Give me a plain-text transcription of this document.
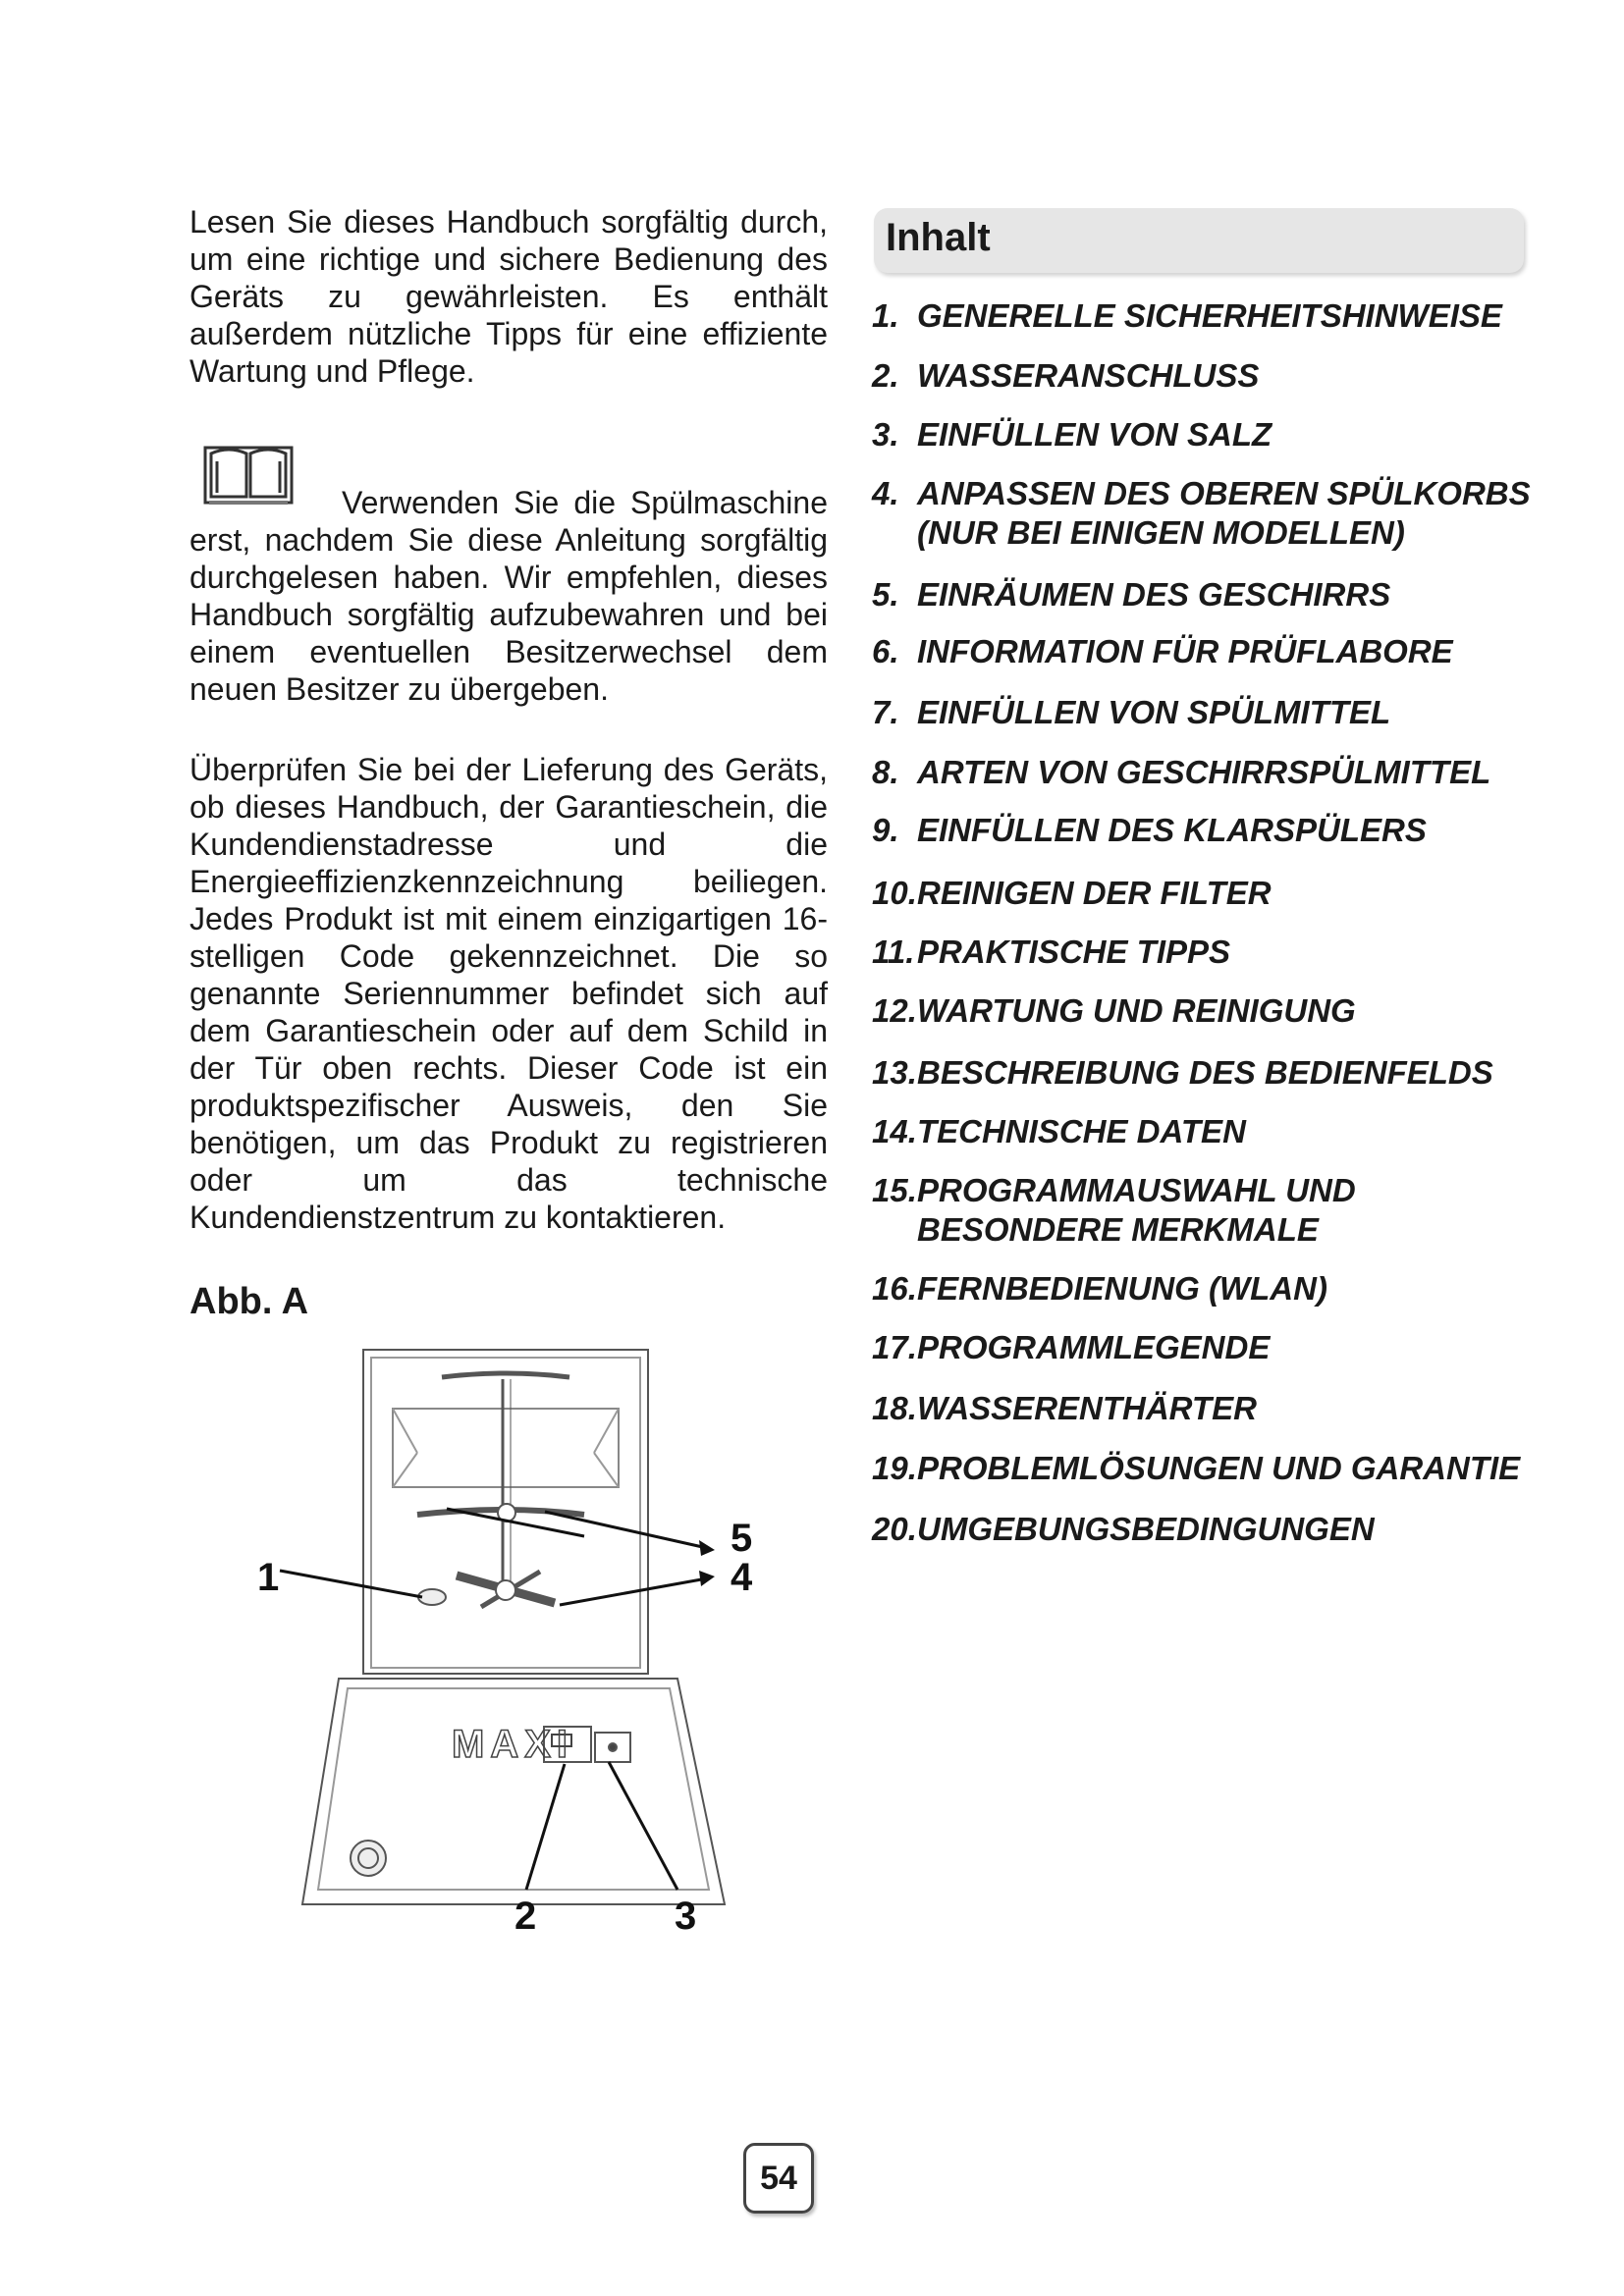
Lesen Sie dieses Handbuch sorgfältig durch, um eine richtige und sichere Bedienung des Geräts zu gewährleisten. Es enthält außerdem nützliche Tipps für eine effiziente Wartung und Pflege.

Verwenden Sie die Spülmaschine erst, nachdem Sie diese Anleitung sorgfältig durchgelesen haben. Wir empfehlen, dieses Handbuch sorgfältig aufzubewahren und bei einem eventuellen Besitzerwechsel dem neuen Besitzer zu übergeben.

Überprüfen Sie bei der Lieferung des Geräts, ob dieses Handbuch, der Garantieschein, die Kundendienstadresse und die Energieeffizienzkennzeichnung beiliegen. Jedes Produkt ist mit einem einzigartigen 16-stelligen Code gekennzeichnet. Die so genannte Seriennummer befindet sich auf dem Garantieschein oder auf dem Schild in der Tür oben rechts. Dieser Code ist ein produktspezifischer Ausweis, den Sie benötigen, um das Produkt zu registrieren oder um das technische Kundendienstzentrum zu kontaktieren.

Abb. A
MAXI
1
2	3
4
5
Inhalt
1. GENERELLE SICHERHEITSHINWEISE
2. WASSERANSCHLUSS
3. EINFÜLLEN VON SALZ
4. ANPASSEN DES OBEREN SPÜLKORBS
(NUR BEI EINIGEN MODELLEN)
5. EINRÄUMEN DES GESCHIRRS
6. INFORMATION FÜR PRÜFLABORE
7. EINFÜLLEN VON SPÜLMITTEL
8. ARTEN VON GESCHIRRSPÜLMITTEL
9. EINFÜLLEN DES KLARSPÜLERS
10.REINIGEN DER FILTER
11.PRAKTISCHE TIPPS
12.WARTUNG UND REINIGUNG
13.BESCHREIBUNG DES BEDIENFELDS
14.TECHNISCHE DATEN
15.PROGRAMMAUSWAHL UND
BESONDERE MERKMALE
16.FERNBEDIENUNG (WLAN)
17.PROGRAMMLEGENDE
18.WASSERENTHÄRTER
19.PROBLEMLÖSUNGEN UND GARANTIE
20.UMGEBUNGSBEDINGUNGEN
54
